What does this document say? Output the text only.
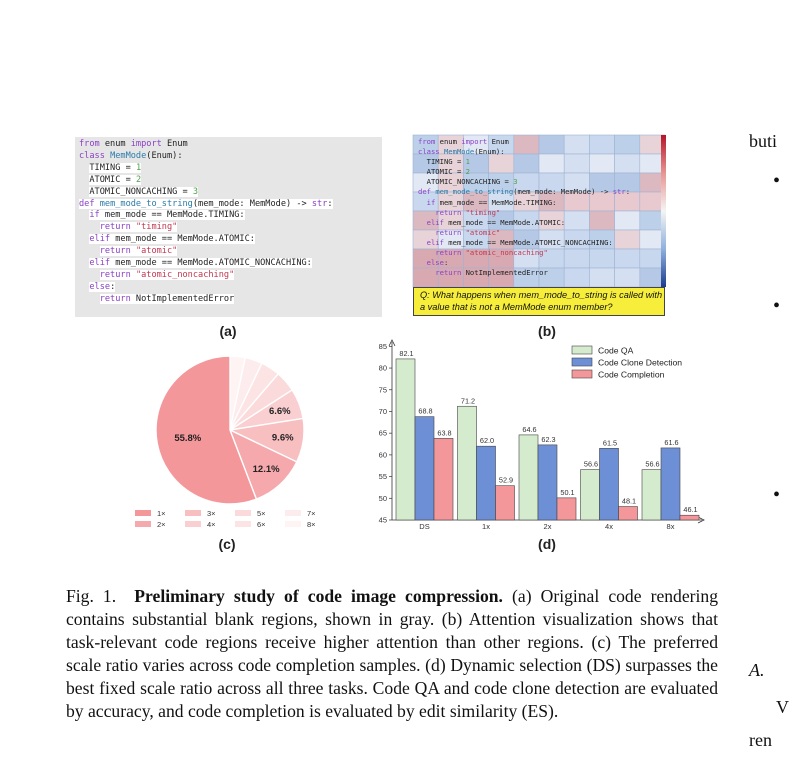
from enum import Enum
class MemMode(Enum):
TIMING = 1
ATOMIC = 2
ATOMIC_NONCACHING = 3
def mem_mode_to_string(mem_mode: MemMode) -> str:
if mem_mode == MemMode.TIMING:
return "timing"
elif mem_mode == MemMode.ATOMIC:
return "atomic"
elif mem_mode == MemMode.ATOMIC_NONCACHING:
return "atomic_noncaching"
else:
return NotImplementedError
(a)
from enum import Enum
class MemMode(Enum):
TIMING = 1
ATOMIC = 2
ATOMIC_NONCACHING = 3
def mem_mode_to_string(mem_mode: MemMode) -> str:
if mem_mode == MemMode.TIMING:
return "timing"
elif mem_mode == MemMode.ATOMIC:
return "atomic"
elif mem_mode == MemMode.ATOMIC_NONCACHING:
return "atomic_noncaching"
else:
return NotImplementedError
Q: What happens when mem_mode_to_string is called with a value that is not a MemMode enum member?
(b)
6.6%
9.6%
12.1%
55.8%
1×
2×
3×
4×
5×
6×
7×
8×
(c)
45
50
55
60
65
70
75
80
85
82.1
68.8
63.8
DS
71.2
62.0
52.9
1x
64.6
62.3
50.1
2x
56.6
61.5
48.1
4x
56.6
61.6
46.1
8x
Code QA
Code Clone Detection
Code Completion
(d)
Fig. 1. Preliminary study of code image compression. (a) Original code rendering contains substantial blank regions, shown in gray. (b) Attention visualization shows that task-relevant code regions receive higher attention than other regions. (c) The preferred scale ratio varies across code completion samples. (d) Dynamic selection (DS) surpasses the best fixed scale ratio across all three tasks. Code QA and code clone detection are evaluated by accuracy, and code completion is evaluated by edit similarity (ES).
buti
•
•
•
A.
V
ren
